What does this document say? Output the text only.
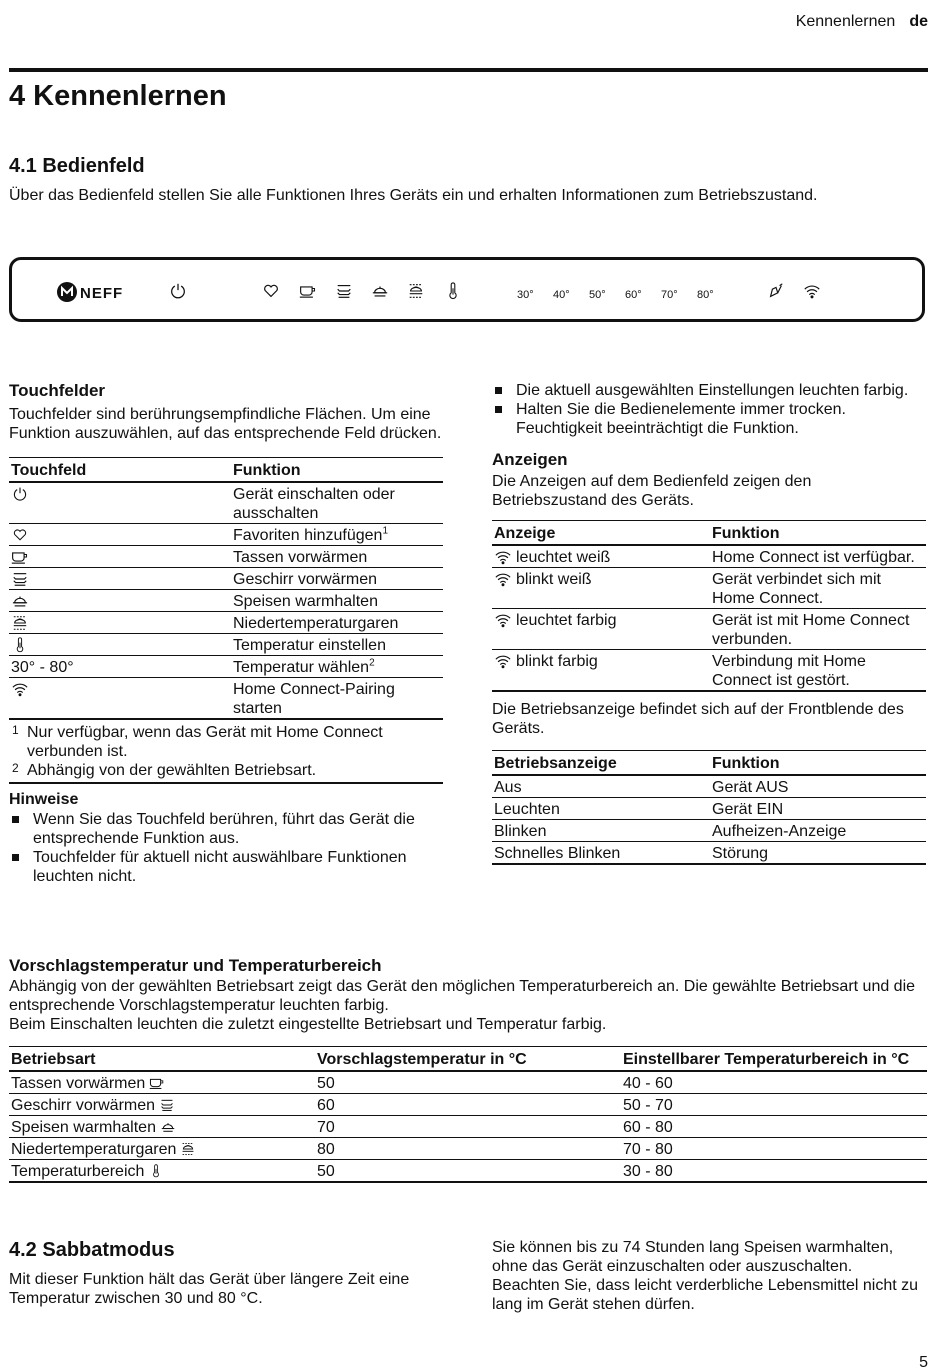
Kennenlernen de
4 Kennenlernen
4.1 Bedienfeld

Über das Bedienfeld stellen Sie alle Funktionen Ihres Geräts ein und erhalten Informationen zum Betriebszustand.

NEFF	30° 40° 50° 60° 70° 80°
Touchfelder

Touchfelder sind berührungsempfindliche Flächen. Um eine Funktion auszuwählen, auf das entsprechende Feld drücken.

Touchfeld	Funktion
	Gerät einschalten oder ausschalten
	Favoriten hinzufügen$^1$
	Tassen vorwärmen
	Geschirr vorwärmen
	Speisen warmhalten
	Niedertemperaturgaren
	Temperatur einstellen
30° - 80°	Temperatur wählen$^2$
	Home Connect-Pairing starten
1 Nur verfügbar, wenn das Gerät mit Home Connect verbunden ist.
2 Abhängig von der gewählten Betriebsart.
Hinweise
Wenn Sie das Touchfeld berühren, führt das Gerät die entsprechende Funktion aus.
Touchfelder für aktuell nicht auswählbare Funktionen leuchten nicht.
Die aktuell ausgewählten Einstellungen leuchten farbig.
Halten Sie die Bedienelemente immer trocken. Feuchtigkeit beeinträchtigt die Funktion.
Anzeigen

Die Anzeigen auf dem Bedienfeld zeigen den Betriebszustand des Geräts.

Anzeige	Funktion
leuchtet weiß	Home Connect ist verfügbar.
blinkt weiß	Gerät verbindet sich mit Home Connect.
leuchtet farbig	Gerät ist mit Home Connect verbunden.
blinkt farbig	Verbindung mit Home Connect ist gestört.

Die Betriebsanzeige befindet sich auf der Frontblende des Geräts.

Betriebsanzeige	Funktion
Aus	Gerät AUS
Leuchten	Gerät EIN
Blinken	Aufheizen-Anzeige
Schnelles Blinken	Störung
Vorschlagstemperatur und Temperaturbereich

Abhängig von der gewählten Betriebsart zeigt das Gerät den möglichen Temperaturbereich an. Die gewählte Betriebsart und die entsprechende Vorschlagstemperatur leuchten farbig.

Beim Einschalten leuchten die zuletzt eingestellte Betriebsart und Temperatur farbig.

Betriebsart	Vorschlagstemperatur in °C	Einstellbarer Temperaturbereich in °C
Tassen vorwärmen	50	40 - 60
Geschirr vorwärmen	60	50 - 70
Speisen warmhalten	70	60 - 80
Niedertemperaturgaren	80	70 - 80
Temperaturbereich	50	30 - 80
4.2 Sabbatmodus

Mit dieser Funktion hält das Gerät über längere Zeit eine Temperatur zwischen 30 und 80 °C.

Sie können bis zu 74 Stunden lang Speisen warmhalten, ohne das Gerät einzuschalten oder auszuschalten. Beachten Sie, dass leicht verderbliche Lebensmittel nicht zu lang im Gerät stehen dürfen.

5
